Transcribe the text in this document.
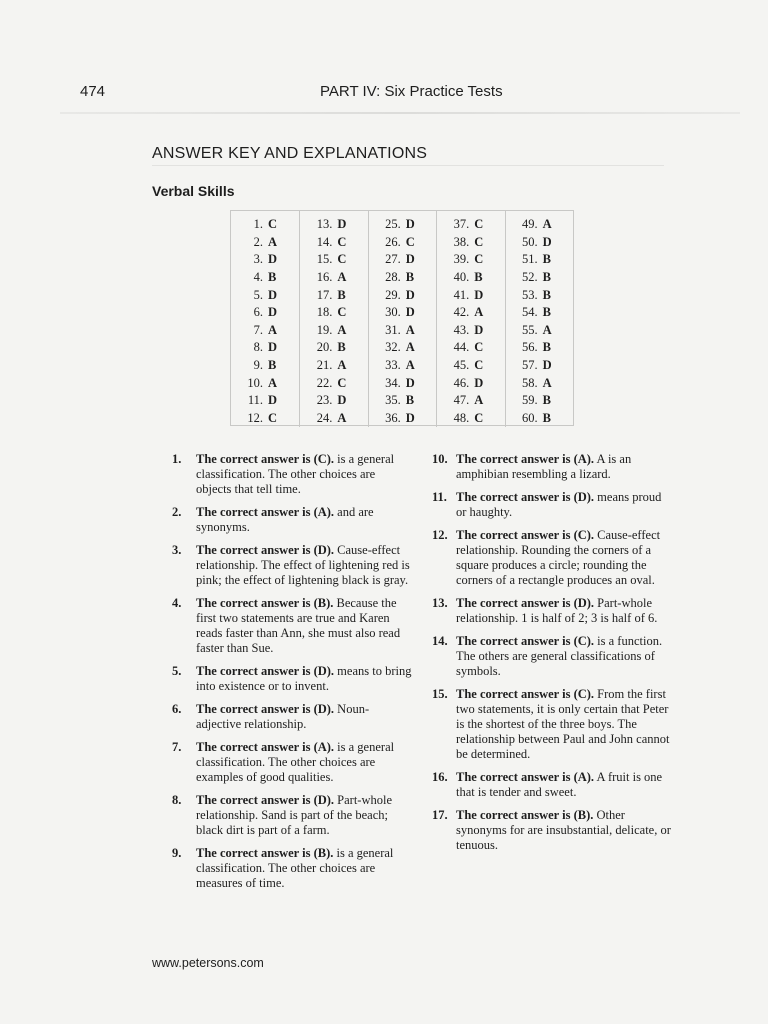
474	PART IV: Six Practice Tests
ANSWER KEY AND EXPLANATIONS
Verbal Skills
1. C
2. A
3. D
4. B
5. D
6. D
7. A
8. D
9. B
10. A
11. D
12. C
13. D
14. C
15. C
16. A
17. B
18. C
19. A
20. B
21. A
22. C
23. D
24. A
25. D
26. C
27. D
28. B
29. D
30. D
31. A
32. A
33. A
34. D
35. B
36. D
37. C
38. C
39. C
40. B
41. D
42. A
43. D
44. C
45. C
46. D
47. A
48. C
49. A
50. D
51. B
52. B
53. B
54. B
55. A
56. B
57. D
58. A
59. B
60. B
1. The correct answer is (C). is a general classification. The other choices are objects that tell time.
2. The correct answer is (A). and are synonyms.
3. The correct answer is (D). Cause-effect relationship. The effect of lightening red is pink; the effect of lightening black is gray.
4. The correct answer is (B). Because the first two statements are true and Karen reads faster than Ann, she must also read faster than Sue.
5. The correct answer is (D). means to bring into existence or to invent.
6. The correct answer is (D). Noun-adjective relationship.
7. The correct answer is (A). is a general classification. The other choices are examples of good qualities.
8. The correct answer is (D). Part-whole relationship. Sand is part of the beach; black dirt is part of a farm.
9. The correct answer is (B). is a general classification. The other choices are measures of time.
10. The correct answer is (A). A is an amphibian resembling a lizard.
11. The correct answer is (D). means proud or haughty.
12. The correct answer is (C). Cause-effect relationship. Rounding the corners of a square produces a circle; rounding the corners of a rectangle produces an oval.
13. The correct answer is (D). Part-whole relationship. 1 is half of 2; 3 is half of 6.
14. The correct answer is (C). is a function. The others are general classifications of symbols.
15. The correct answer is (C). From the first two statements, it is only certain that Peter is the shortest of the three boys. The relationship between Paul and John cannot be determined.
16. The correct answer is (A). A fruit is one that is tender and sweet.
17. The correct answer is (B). Other synonyms for are insubstantial, delicate, or tenuous.
www.petersons.com
